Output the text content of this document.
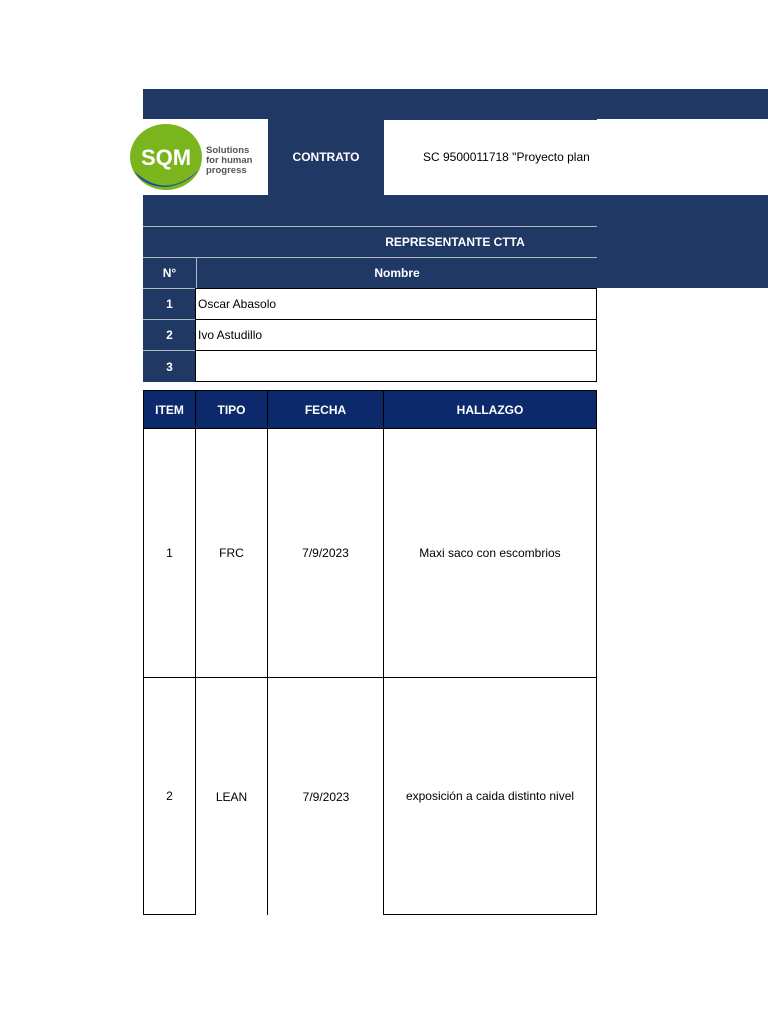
SQM Solutions
for human
progress
CONTRATO	SC 9500011718 "Proyecto plan
REPRESENTANTE CTTA
N°	Nombre
1	Oscar Abasolo
2	Ivo Astudillo
3
ITEM	TIPO	FECHA	HALLAZGO
1	FRC	7/9/2023	Maxi saco con escombrios
2	LEAN	7/9/2023	exposición a caida distinto nivel
